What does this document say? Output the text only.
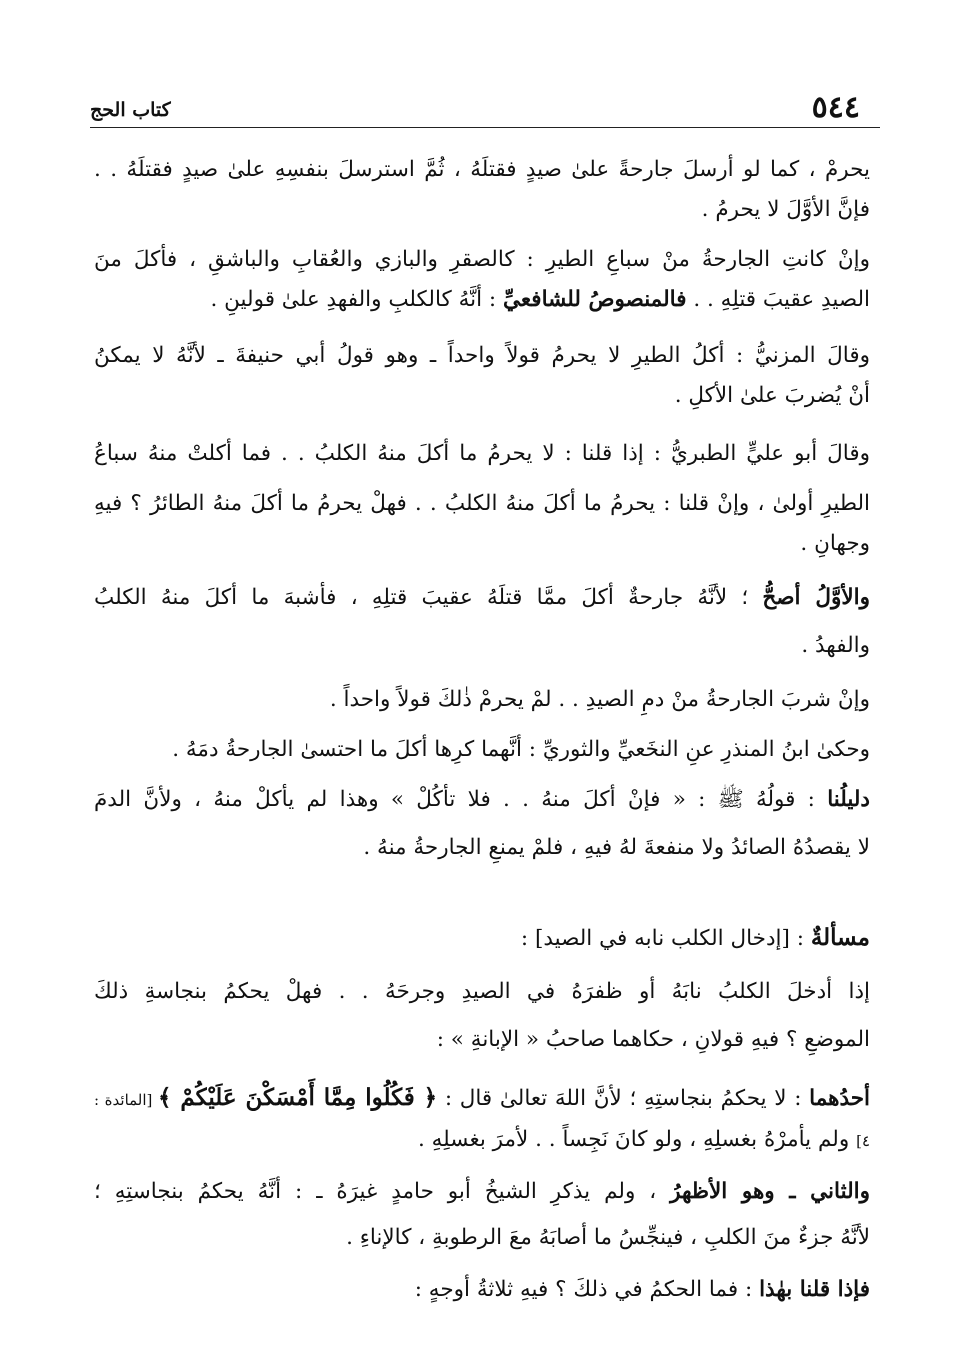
٥٤٤
كتاب الحج
يحرمْ ، كما لو أرسلَ جارحةً علىٰ صيدٍ فقتلَهُ ، ثُمَّ استرسلَ بنفسِهِ علىٰ صيدٍ فقتلَهُ . .
فإنَّ الأوَّلَ لا يحرمُ .
وإنْ كانتِ الجارحةُ منْ سباعِ الطيرِ : كالصقرِ والبازي والعُقابِ والباشقِ ، فأكلَ منَ
الصيدِ عقيبَ قتلِهِ . . فالمنصوصُ للشافعيِّ : أنَّهُ كالكلبِ والفهدِ علىٰ قولينِ .
وقالَ المزنيُّ : أكلُ الطيرِ لا يحرمُ قولاً واحداً ـ وهو قولُ أبي حنيفةَ ـ لأنَّهُ لا يمكنُ
أنْ يُضربَ علىٰ الأكلِ .
وقالَ أبو عليٍّ الطبريُّ : إذا قلنا : لا يحرمُ ما أكلَ منهُ الكلبُ . . فما أكلتْ منهُ سباعُ
الطيرِ أولىٰ ، وإنْ قلنا : يحرمُ ما أكلَ منهُ الكلبُ . . فهلْ يحرمُ ما أكلَ منهُ الطائرُ ؟ فيهِ
وجهانِ .
والأوَّلُ أصحُّ ؛ لأنَّهُ جارحةٌ أكلَ ممَّا قتلَهُ عقيبَ قتلِهِ ، فأشبهَ ما أكلَ منهُ الكلبُ
والفهدُ .
وإنْ شربَ الجارحةُ منْ دمِ الصيدِ . . لمْ يحرمْ ذٰلكَ قولاً واحداً .
وحكىٰ ابنُ المنذرِ عنِ النخَعيِّ والثوريِّ : أنَّهما كرِها أكلَ ما احتسىٰ الجارحةُ دمَهُ .
دليلُنا : قولُهُ ﷺ : « فإنْ أكلَ منهُ . . فلا تأكُلْ » وهذا لم يأكلْ منهُ ، ولأنَّ الدمَ
لا يقصدُهُ الصائدُ ولا منفعةَ لهُ فيهِ ، فلمْ يمنعِ الجارحةُ منهُ .
مسألةٌ : [إدخال الكلب نابه في الصيد] :
إذا أدخلَ الكلبُ نابَهُ أو ظفرَهُ في الصيدِ وجرحَهُ . . فهلْ يحكمُ بنجاسةِ ذلكَ
الموضعِ ؟ فيهِ قولانِ ، حكاهما صاحبُ « الإبانةِ » :
أحدُهما : لا يحكمُ بنجاستِهِ ؛ لأنَّ اللهَ تعالىٰ قال : ﴿ فَكُلُوا مِمَّا أَمْسَكْنَ عَلَيْكُمْ ﴾ [المائدة :
٤] ولم يأمرْهُ بغسلِهِ ، ولو كانَ نَجِساً . . لأمرَ بغسلِهِ .
والثاني ـ وهو الأظهرُ ، ولم يذكرِ الشيخُ أبو حامدٍ غيرَهُ ـ : أنَّهُ يحكمُ بنجاستِهِ ؛
لأنَّهُ جزءٌ منَ الكلبِ ، فينجِّسُ ما أصابَهُ معَ الرطوبةِ ، كالإناءِ .
فإذا قلنا بهٰذا : فما الحكمُ في ذلكَ ؟ فيهِ ثلاثةُ أوجهٍ :
